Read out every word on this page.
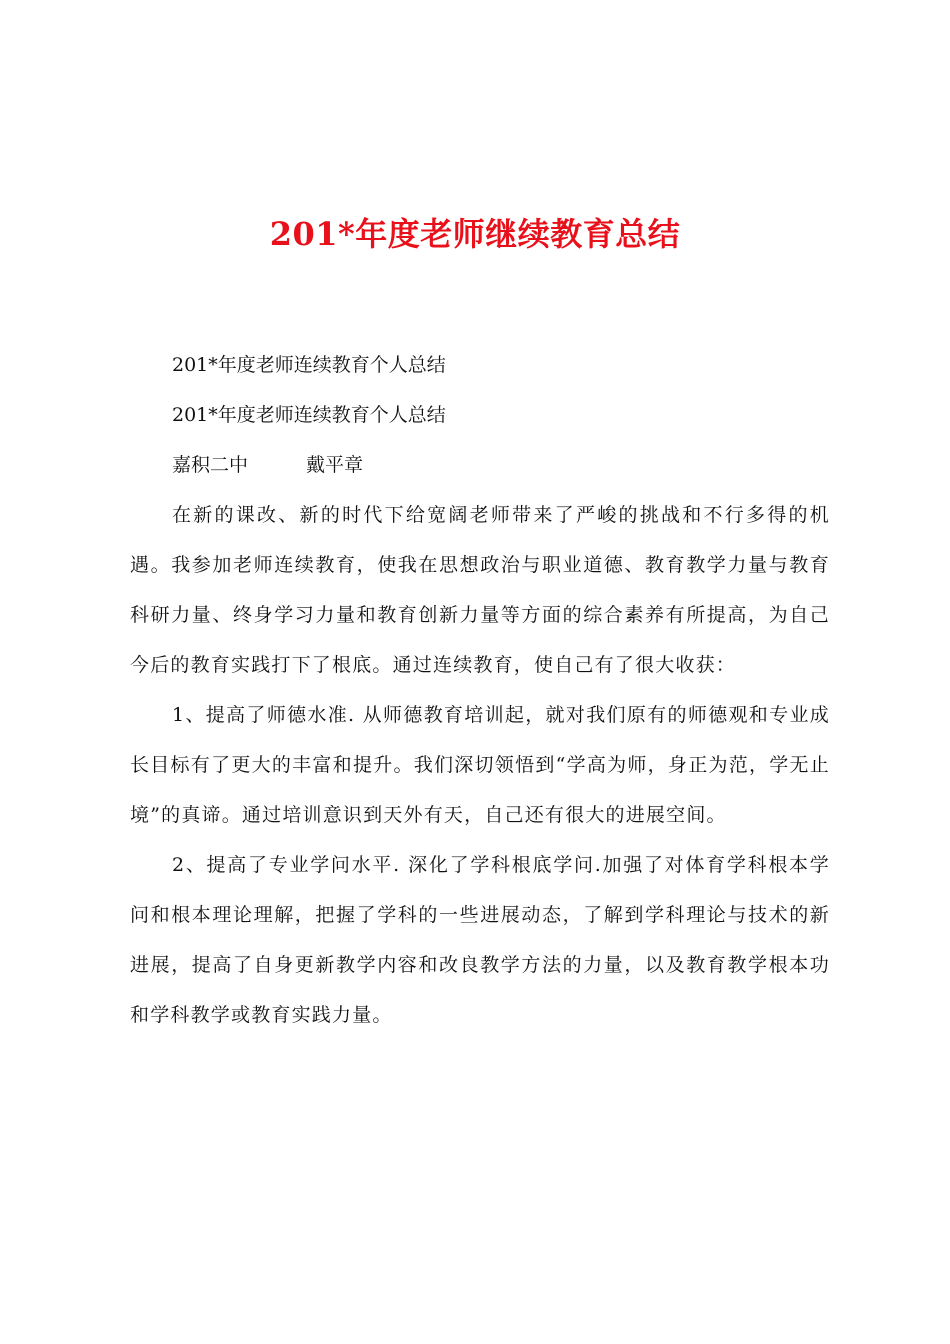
201*年度老师继续教育总结
201*年度老师连续教育个人总结
201*年度老师连续教育个人总结
嘉积二中	戴平章

在新的课改、新的时代下给宽阔老师带来了严峻的挑战和不行多得的机遇。我参加老师连续教育，使我在思想政治与职业道德、教育教学力量与教育科研力量、终身学习力量和教育创新力量等方面的综合素养有所提高，为自己今后的教育实践打下了根底。通过连续教育，使自己有了很大收获：

1、提高了师德水准. 从师德教育培训起，就对我们原有的师德观和专业成长目标有了更大的丰富和提升。我们深切领悟到“学高为师，身正为范，学无止境”的真谛。通过培训意识到天外有天，自己还有很大的进展空间。

2、提高了专业学问水平. 深化了学科根底学问.加强了对体育学科根本学问和根本理论理解，把握了学科的一些进展动态，了解到学科理论与技术的新进展，提高了自身更新教学内容和改良教学方法的力量，以及教育教学根本功和学科教学或教育实践力量。
